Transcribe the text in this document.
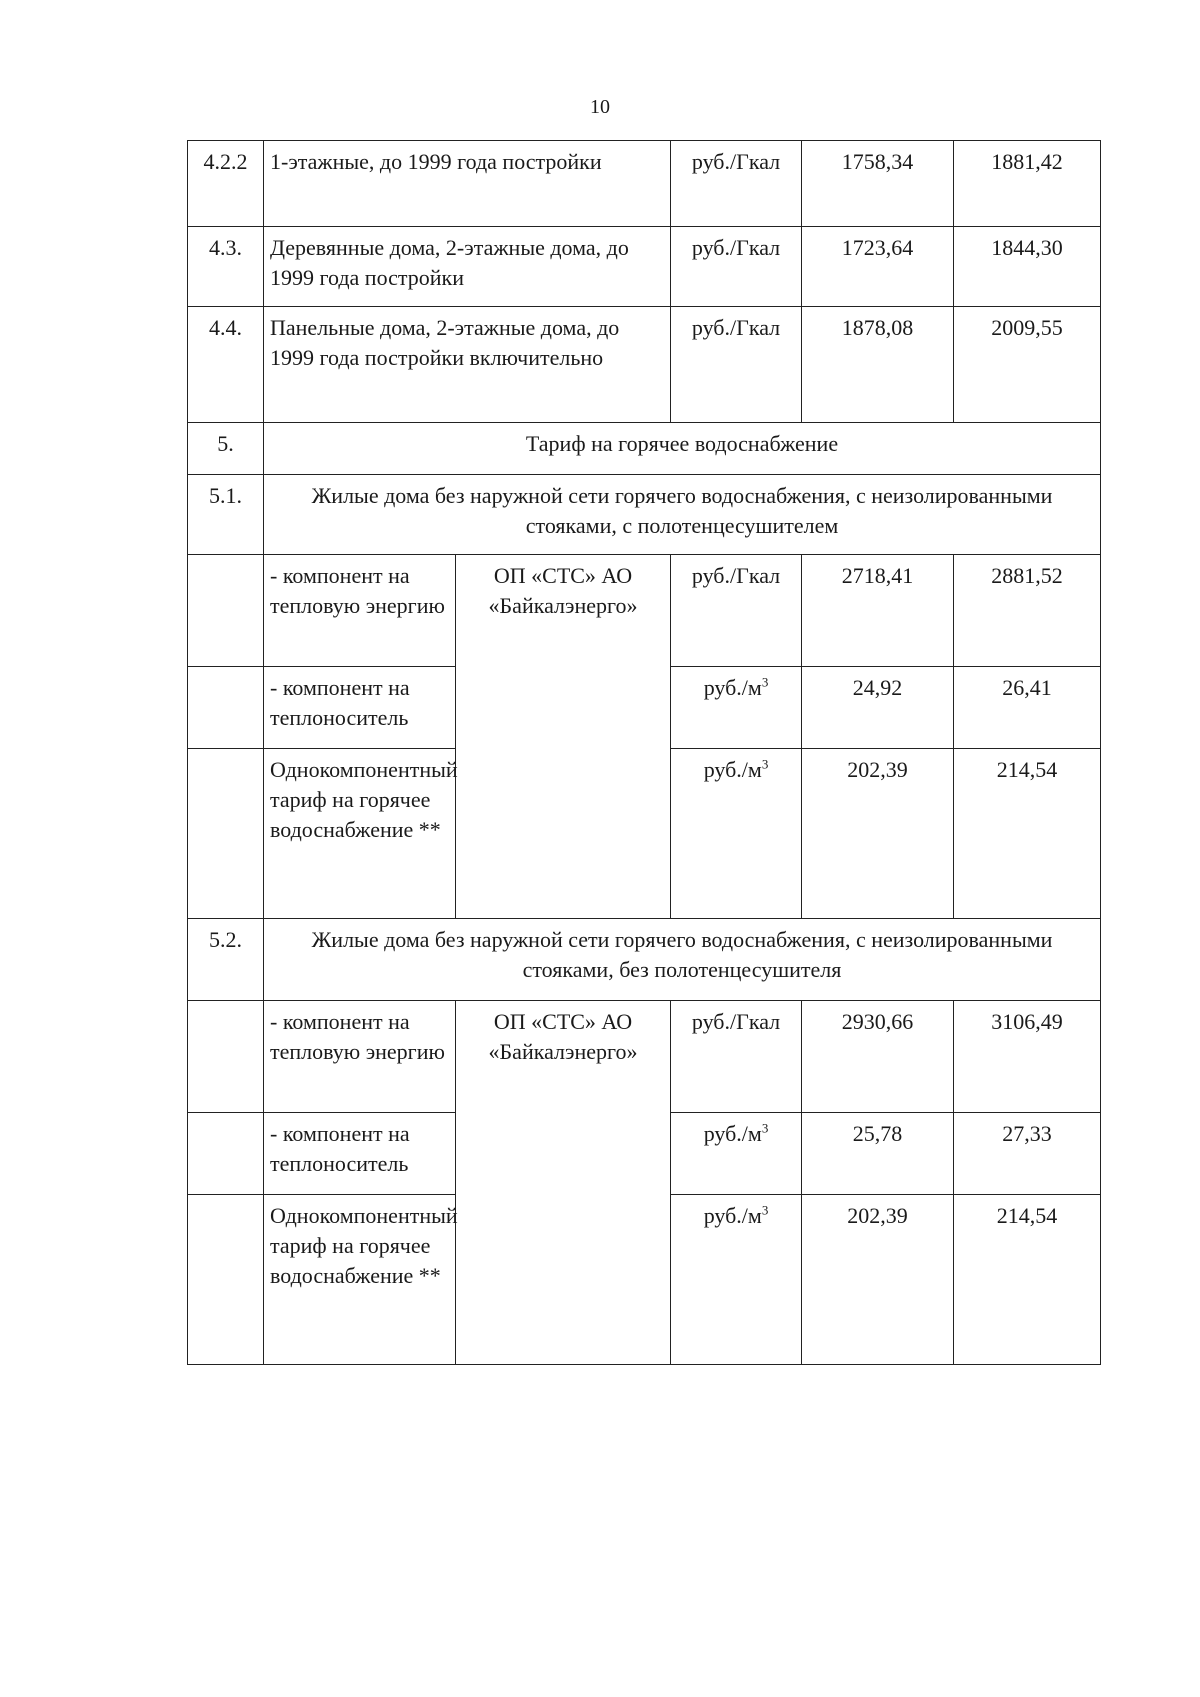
10
4.2.2	1-этажные, до 1999 года постройки		руб./Гкал	1758,34	1881,42
4.3.	Деревянные дома, 2-этажные дома, до 1999 года постройки		руб./Гкал	1723,64	1844,30
4.4.	Панельные дома, 2-этажные дома, до 1999 года постройки включительно		руб./Гкал	1878,08	2009,55
5.	Тариф на горячее водоснабжение				
5.1.	Жилые дома без наружной сети горячего водоснабжения, с неизолированными стояками, с полотенцесушителем				
	- компонент на тепловую энергию	ОП «СТС» АО «Байкалэнерго»	руб./Гкал	2718,41	2881,52
	- компонент на теплоноситель		$руб./м^3$	24,92	26,41
	Однокомпонентный тариф на горячее водоснабжение **		$руб./м^3$	202,39	214,54
5.2.	Жилые дома без наружной сети горячего водоснабжения, с неизолированными стояками, без полотенцесушителя				
	- компонент на тепловую энергию	ОП «СТС» АО «Байкалэнерго»	руб./Гкал	2930,66	3106,49
	- компонент на теплоноситель		$руб./м^3$	25,78	27,33
	Однокомпонентный тариф на горячее водоснабжение **		$руб./м^3$	202,39	214,54
